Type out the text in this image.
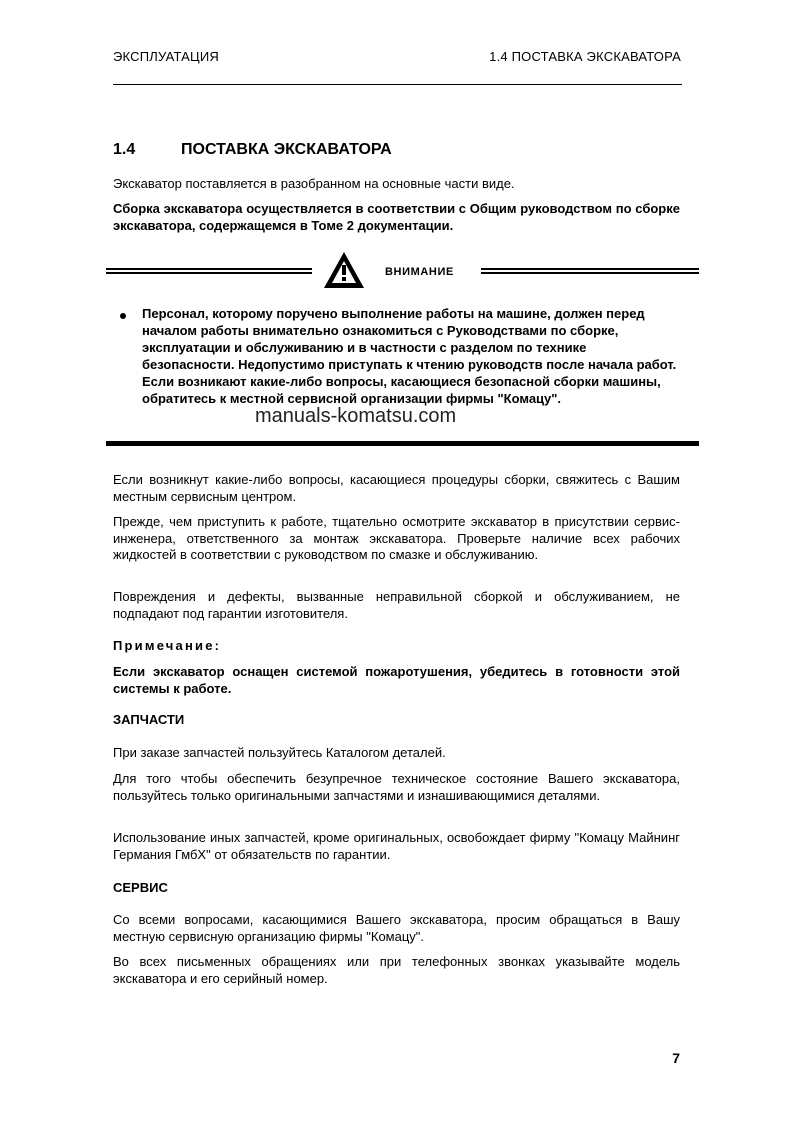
ЭКСПЛУАТАЦИЯ	1.4 ПОСТАВКА ЭКСКАВАТОРА
1.4	ПОСТАВКА ЭКСКАВАТОРА
Экскаватор поставляется в разобранном на основные части виде.
Сборка экскаватора осуществляется в соответствии с Общим руководством по сборке экскаватора, содержащемся в Томе 2 документации.
ВНИМАНИЕ
Персонал, которому поручено выполнение работы на машине, должен перед началом работы внимательно ознакомиться с Руководствами по сборке, эксплуатации и обслуживанию и в частности с разделом по технике безопасности. Недопустимо приступать к чтению руководств после начала работ. Если возникают какие-либо вопросы, касающиеся безопасной сборки машины, обратитесь к местной сервисной организации фирмы "Комацу".
manuals-komatsu.com
Если возникнут какие-либо вопросы, касающиеся процедуры сборки, свяжитесь с Вашим местным сервисным центром.
Прежде, чем приступить к работе, тщательно осмотрите экскаватор в присутствии сервис-инженера, ответственного за монтаж экскаватора. Проверьте наличие всех рабочих жидкостей в соответствии с руководством по смазке и обслуживанию.
Повреждения и дефекты, вызванные неправильной сборкой и обслуживанием, не подпадают под гарантии изготовителя.
Примечание:
Если экскаватор оснащен системой пожаротушения, убедитесь в готовности этой системы к работе.
ЗАПЧАСТИ
При заказе запчастей пользуйтесь Каталогом деталей.
Для того чтобы обеспечить безупречное техническое состояние Вашего экскаватора, пользуйтесь только оригинальными запчастями и изнашивающимися деталями.
Использование иных запчастей, кроме оригинальных, освобождает фирму "Комацу Майнинг Германия ГмбХ" от обязательств по гарантии.
СЕРВИС
Со всеми вопросами, касающимися Вашего экскаватора, просим обращаться в Вашу местную сервисную организацию фирмы "Комацу".
Во всех письменных обращениях или при телефонных звонках указывайте модель экскаватора и его серийный номер.
7
